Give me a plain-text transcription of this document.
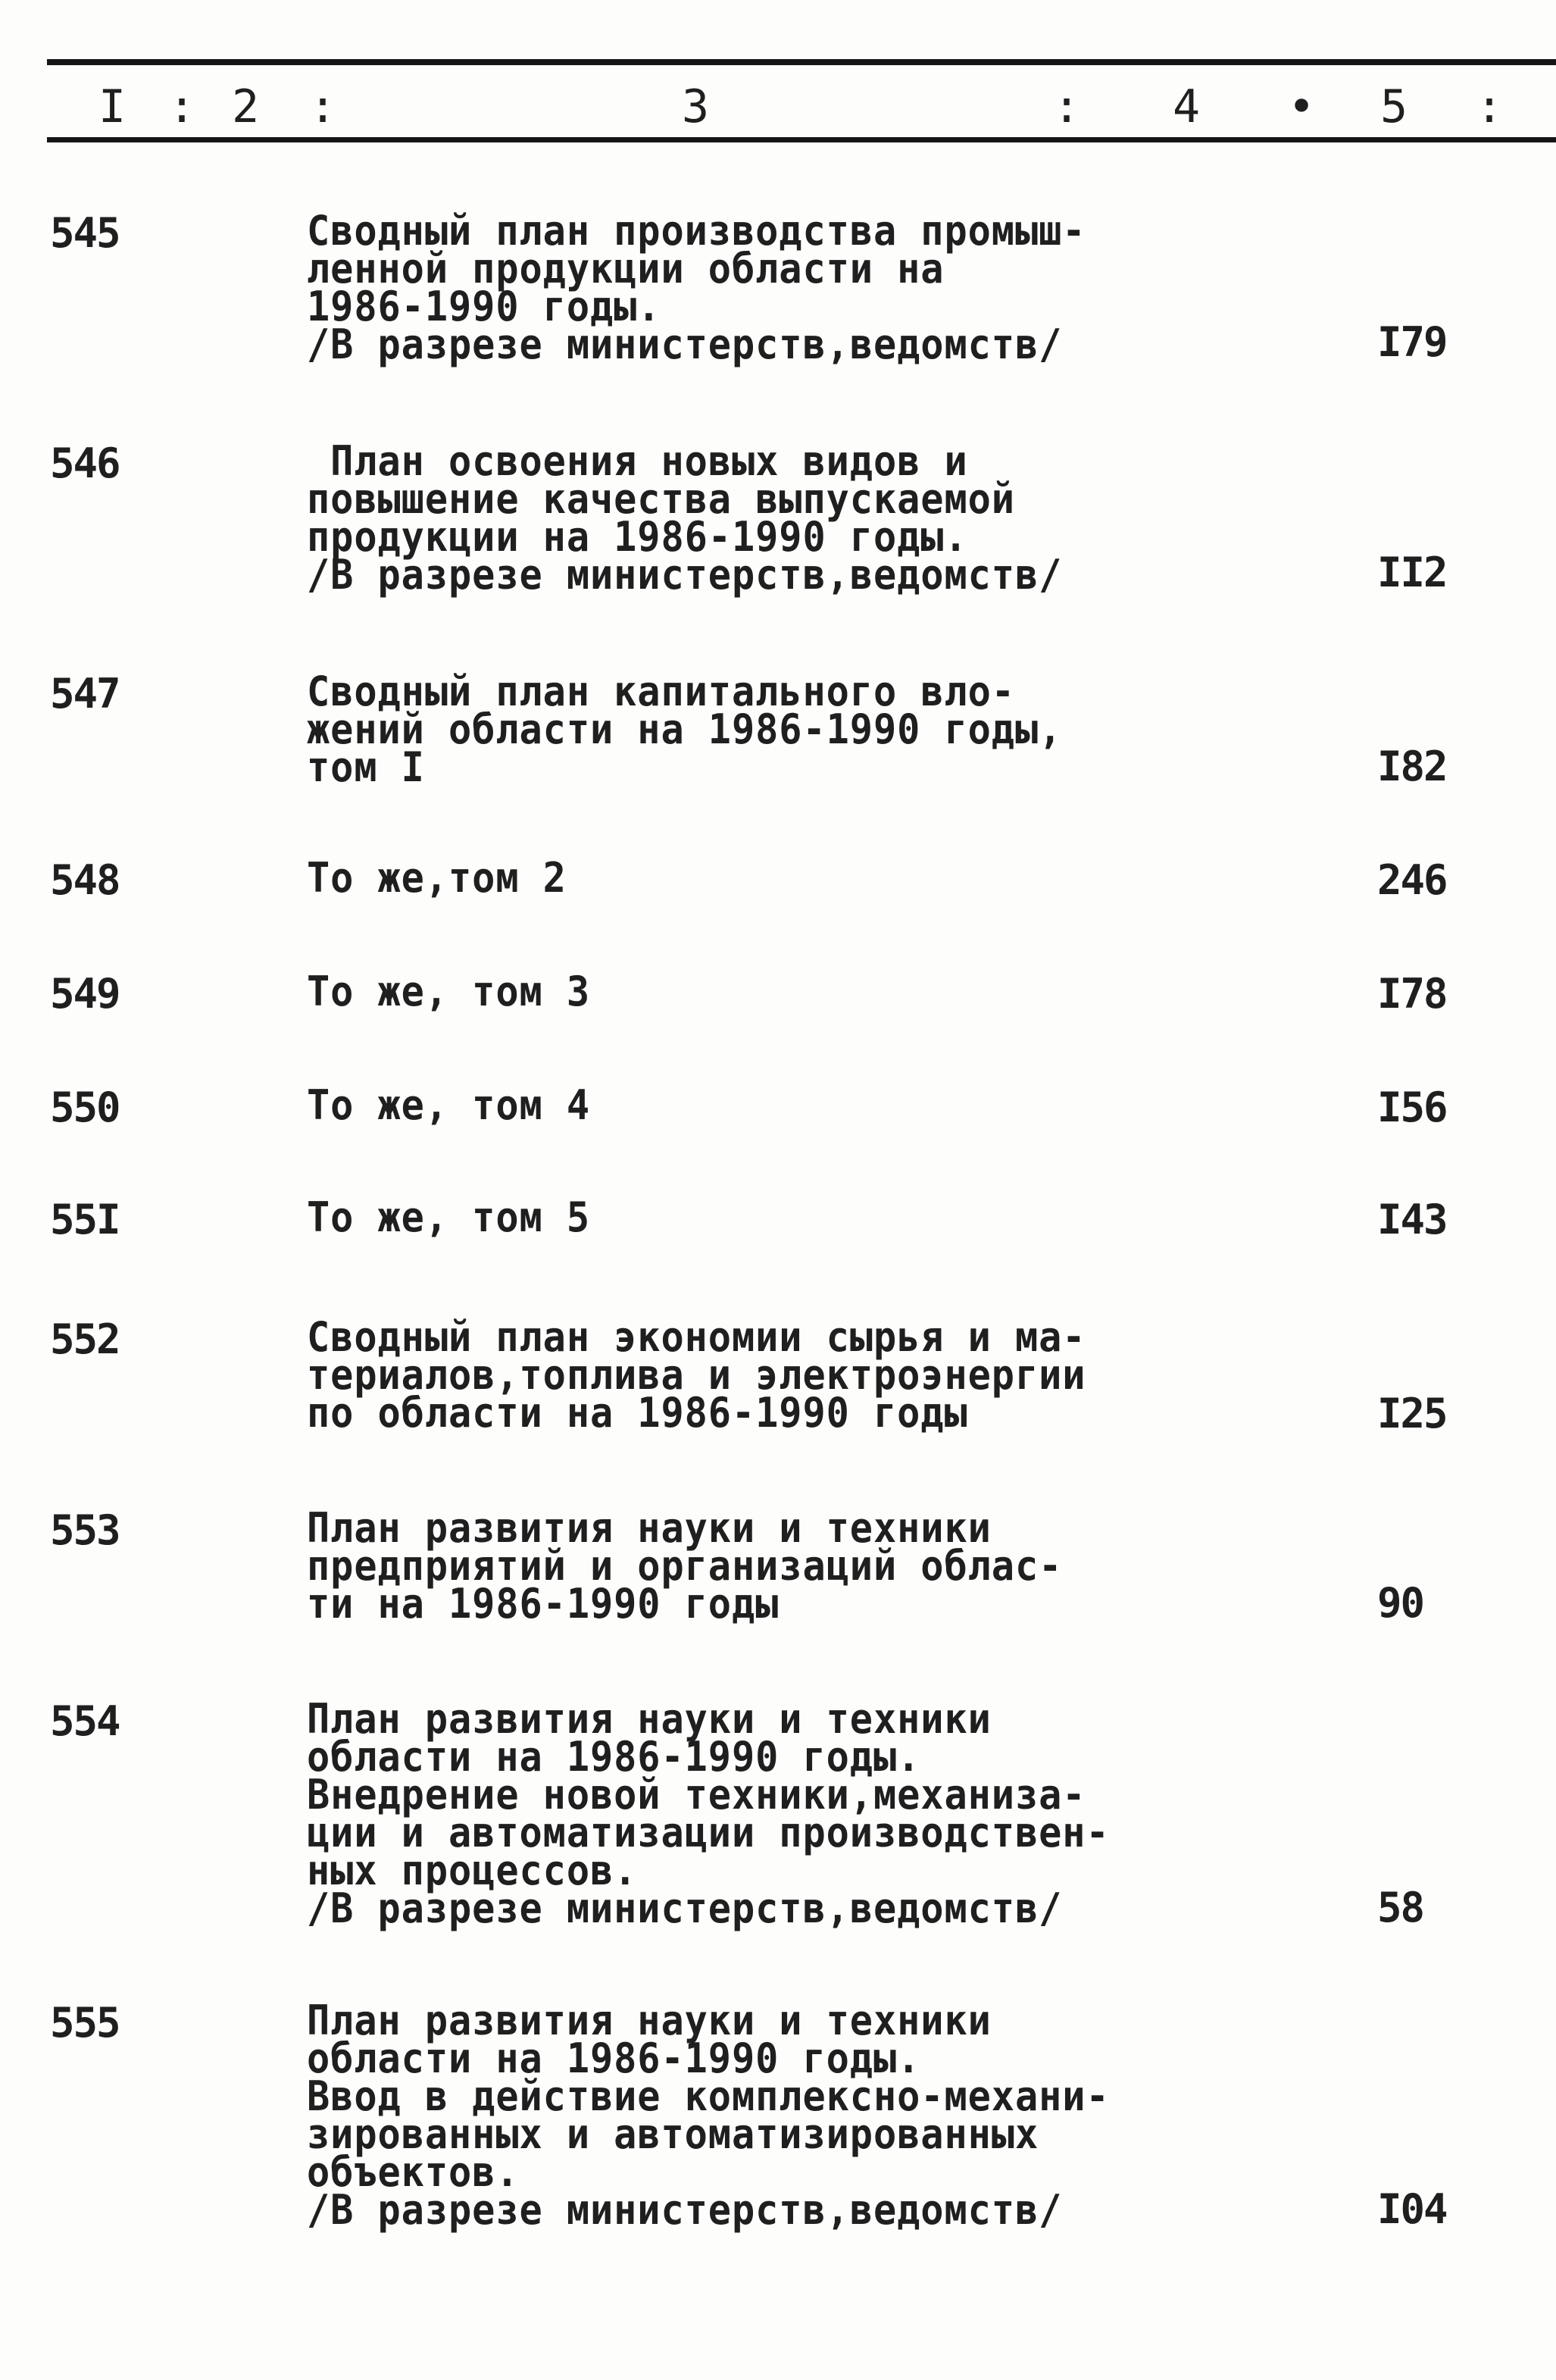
I : 2 :	3	: 4 • 5 :
545	Сводный план производства промыш-
ленной продукции области на
1986-1990 годы.
/В разрезе министерств,ведомств/	I79
546	План освоения новых видов и
повышение качества выпускаемой
продукции на 1986-1990 годы.
/В разрезе министерств,ведомств/	II2
547	Сводный план капитального вло-
жений области на 1986-1990 годы,
том I	I82
548	То же,том 2	246
549	То же, том 3	I78
550	То же, том 4	I56
55I	То же, том 5	I43
552	Сводный план экономии сырья и ма-
териалов,топлива и электроэнергии
по области на 1986-1990 годы	I25
553	План развития науки и техники
предприятий и организаций облас-
ти на 1986-1990 годы	90
554	План развития науки и техники
области на 1986-1990 годы.
Внедрение новой техники,механиза-
ции и автоматизации производствен-
ных процессов.
/В разрезе министерств,ведомств/	58
555	План развития науки и техники
области на 1986-1990 годы.
Ввод в действие комплексно-механи-
зированных и автоматизированных
объектов.
/В разрезе министерств,ведомств/	I04
